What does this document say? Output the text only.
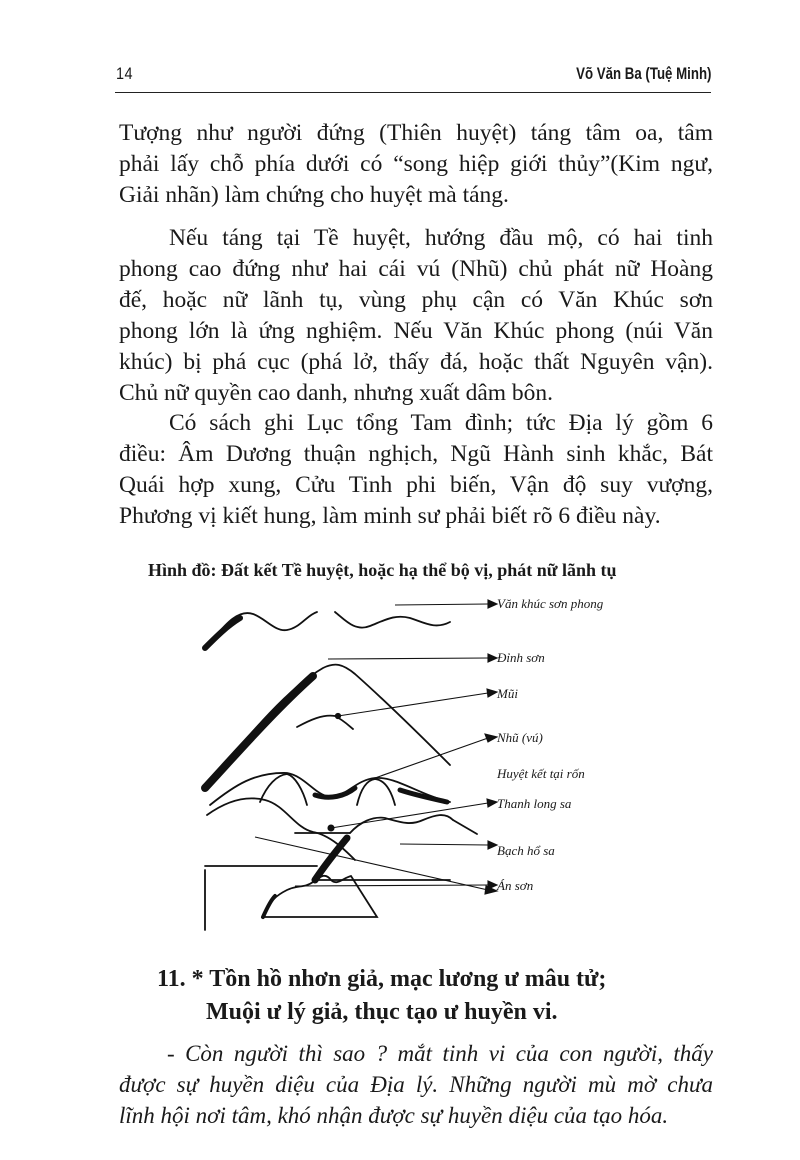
14	Võ Văn Ba (Tuệ Minh)

Tượng như người đứng (Thiên huyệt) táng tâm oa, tâm
phải lấy chỗ phía dưới có “song hiệp giới thủy”(Kim ngư,
Giải nhãn) làm chứng cho huyệt mà táng.

Nếu táng tại Tề huyệt, hướng đầu mộ, có hai tinh
phong cao đứng như hai cái vú (Nhũ) chủ phát nữ Hoàng
đế, hoặc nữ lãnh tụ, vùng phụ cận có Văn Khúc sơn
phong lớn là ứng nghiệm. Nếu Văn Khúc phong (núi Văn
khúc) bị phá cục (phá lở, thấy đá, hoặc thất Nguyên vận).
Chủ nữ quyền cao danh, nhưng xuất dâm bôn.

Có sách ghi Lục tổng Tam đình; tức Địa lý gồm 6
điều: Âm Dương thuận nghịch, Ngũ Hành sinh khắc, Bát
Quái hợp xung, Cửu Tinh phi biến, Vận độ suy vượng,
Phương vị kiết hung, làm minh sư phải biết rõ 6 điều này.

Hình đồ: Đất kết Tề huyệt, hoặc hạ thể bộ vị, phát nữ lãnh tụ
Văn khúc sơn phong
Đỉnh sơn
Mũi
Nhũ (vú)
Huyệt kết tại rốn
Thanh long sa
Bạch hổ sa
Án sơn
11. * Tồn hồ nhơn giả, mạc lương ư mâu tử;
Muội ư lý giả, thục tạo ư huyền vi.

- Còn người thì sao ? mắt tinh vi của con người, thấy
được sự huyền diệu của Địa lý. Những người mù mờ chưa
lĩnh hội nơi tâm, khó nhận được sự huyền diệu của tạo hóa.
